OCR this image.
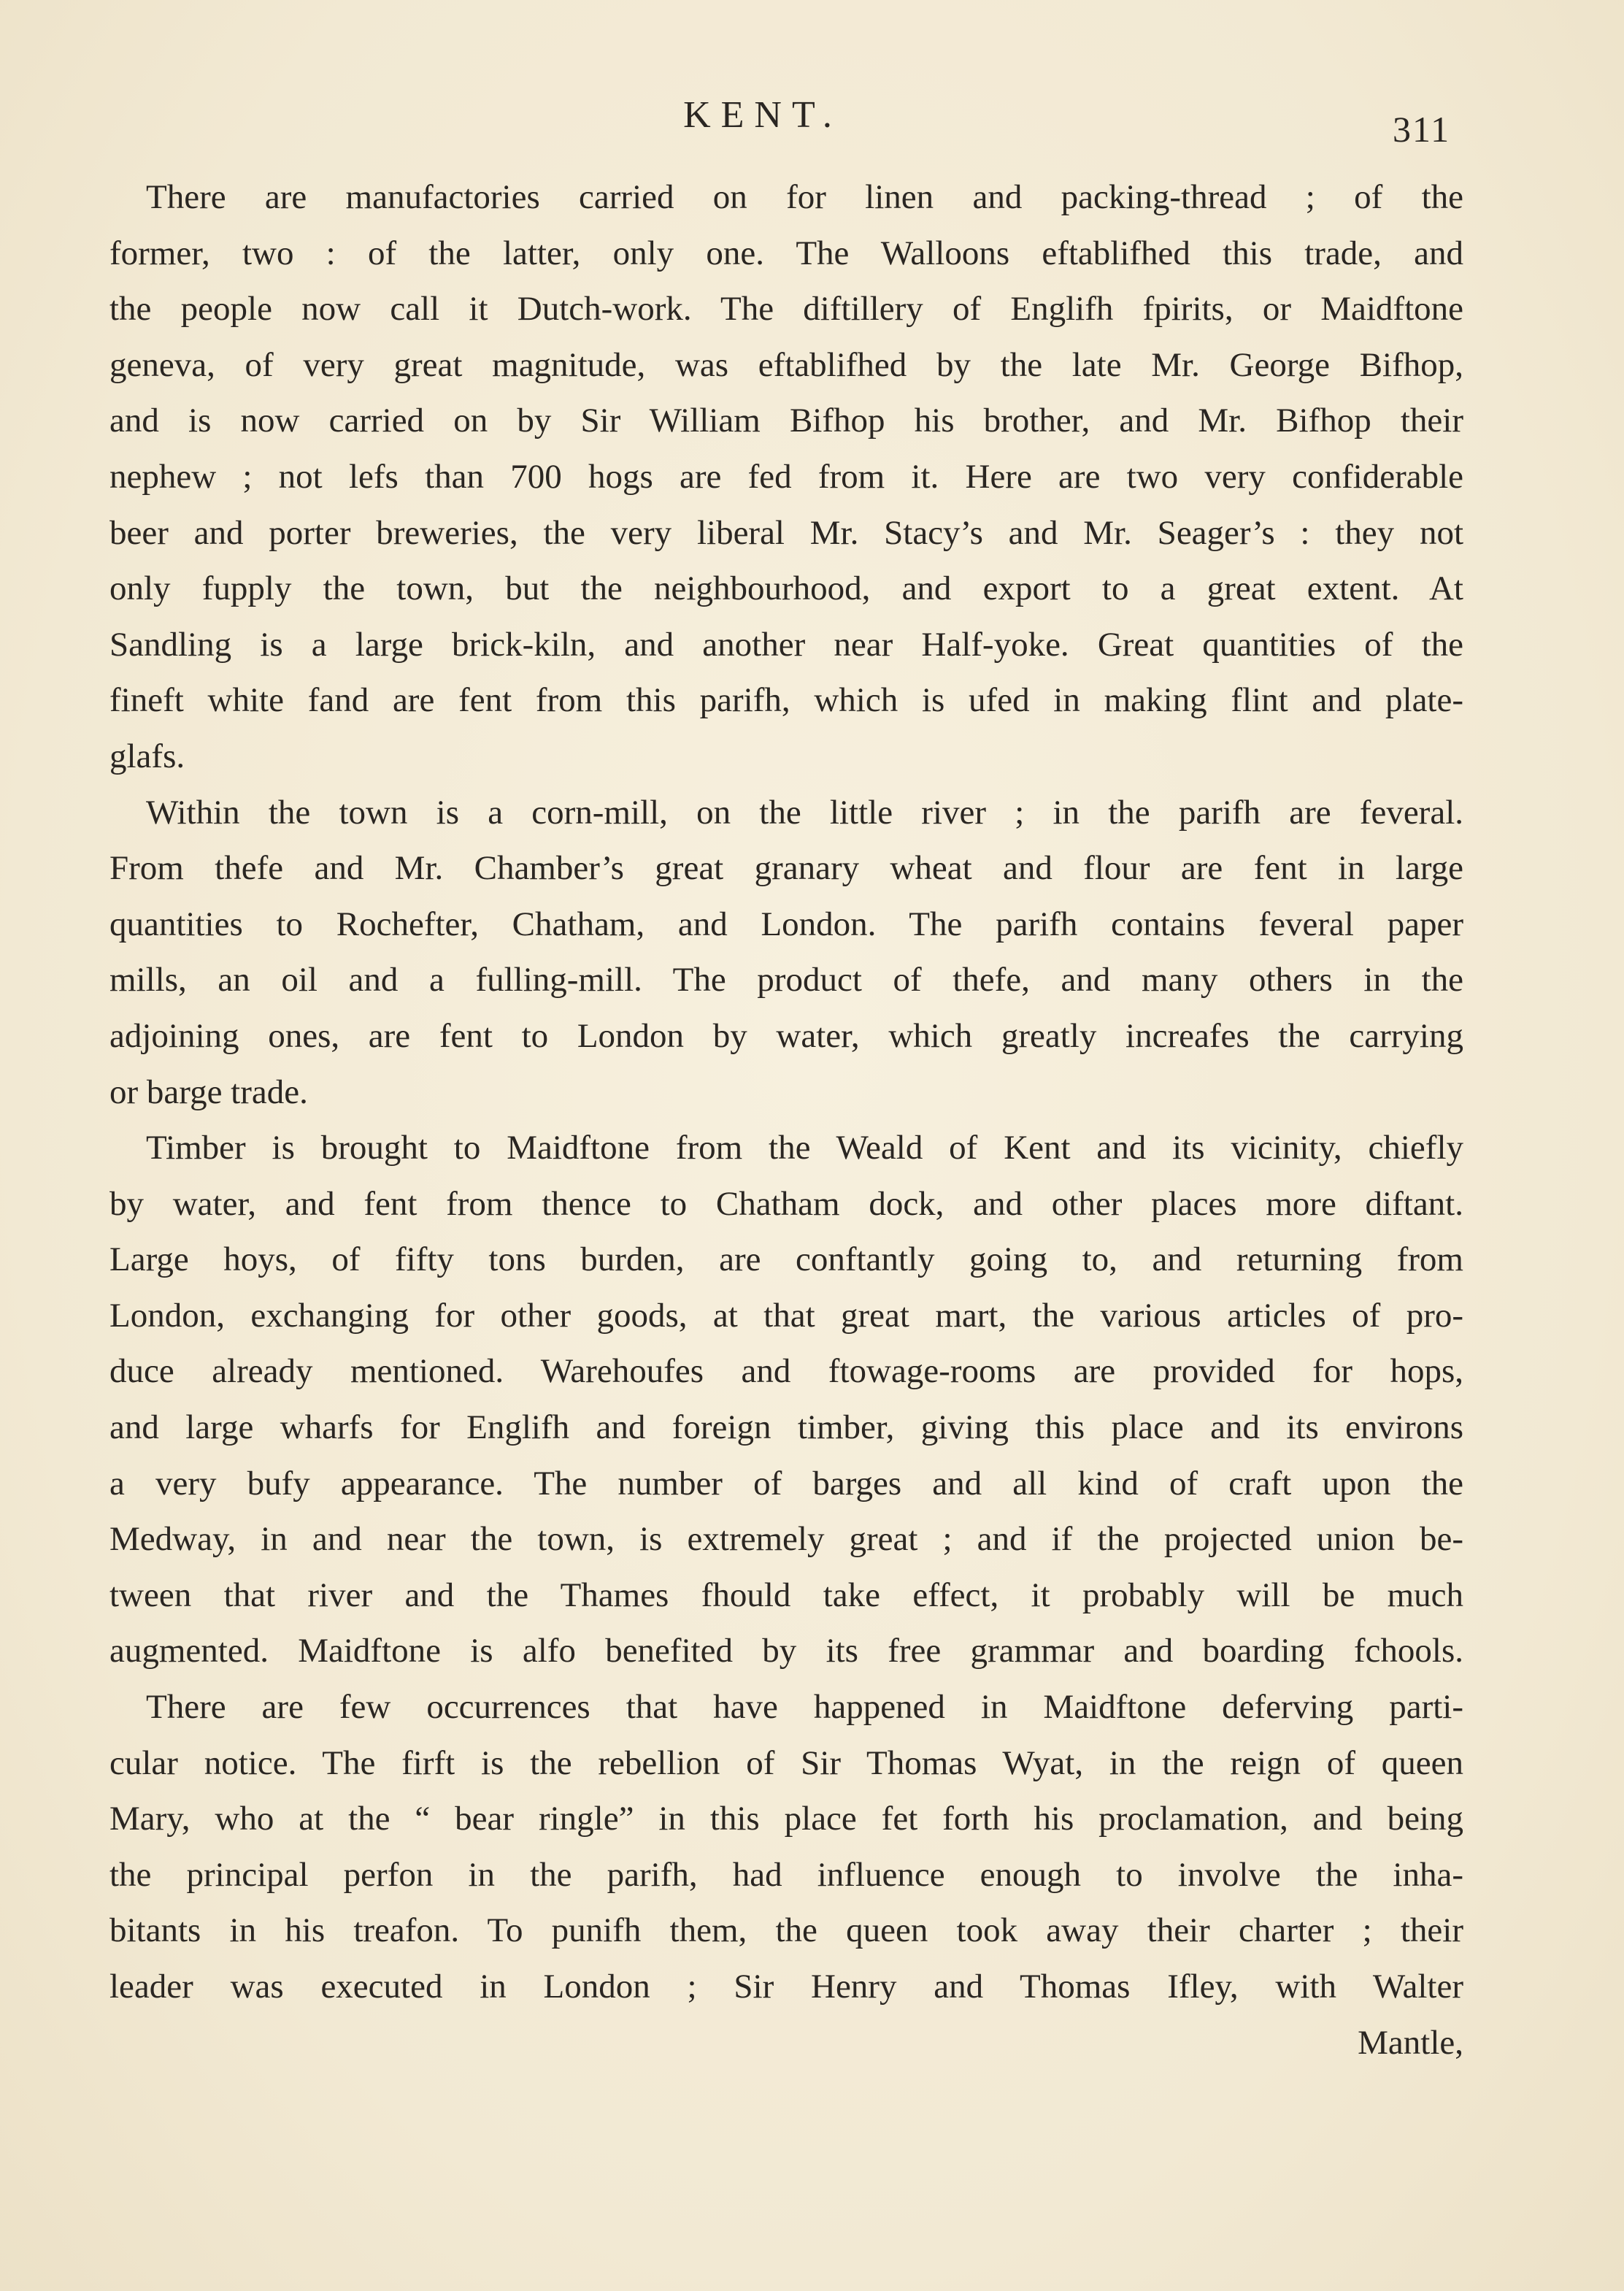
KENT.	311
There are manufactories carried on for linen and packing-thread ; of the
former, two : of the latter, only one. The Walloons eftablifhed this trade, and
the people now call it Dutch-work. The diftillery of Englifh fpirits, or Maidftone
geneva, of very great magnitude, was eftablifhed by the late Mr. George Bifhop,
and is now carried on by Sir William Bifhop his brother, and Mr. Bifhop their
nephew ; not lefs than 700 hogs are fed from it. Here are two very confiderable
beer and porter breweries, the very liberal Mr. Stacy’s and Mr. Seager’s : they not
only fupply the town, but the neighbourhood, and export to a great extent. At
Sandling is a large brick-kiln, and another near Half-yoke. Great quantities of the
fineft white fand are fent from this parifh, which is ufed in making flint and plate-
glafs.
Within the town is a corn-mill, on the little river ; in the parifh are feveral.
From thefe and Mr. Chamber’s great granary wheat and flour are fent in large
quantities to Rochefter, Chatham, and London. The parifh contains feveral paper
mills, an oil and a fulling-mill. The product of thefe, and many others in the
adjoining ones, are fent to London by water, which greatly increafes the carrying
or barge trade.
Timber is brought to Maidftone from the Weald of Kent and its vicinity, chiefly
by water, and fent from thence to Chatham dock, and other places more diftant.
Large hoys, of fifty tons burden, are conftantly going to, and returning from
London, exchanging for other goods, at that great mart, the various articles of pro-
duce already mentioned. Warehoufes and ftowage-rooms are provided for hops,
and large wharfs for Englifh and foreign timber, giving this place and its environs
a very bufy appearance. The number of barges and all kind of craft upon the
Medway, in and near the town, is extremely great ; and if the projected union be-
tween that river and the Thames fhould take effect, it probably will be much
augmented. Maidftone is alfo benefited by its free grammar and boarding fchools.
There are few occurrences that have happened in Maidftone deferving parti-
cular notice. The firft is the rebellion of Sir Thomas Wyat, in the reign of queen
Mary, who at the “ bear ringle” in this place fet forth his proclamation, and being
the principal perfon in the parifh, had influence enough to involve the inha-
bitants in his treafon. To punifh them, the queen took away their charter ; their
leader was executed in London ; Sir Henry and Thomas Ifley, with Walter
Mantle,
